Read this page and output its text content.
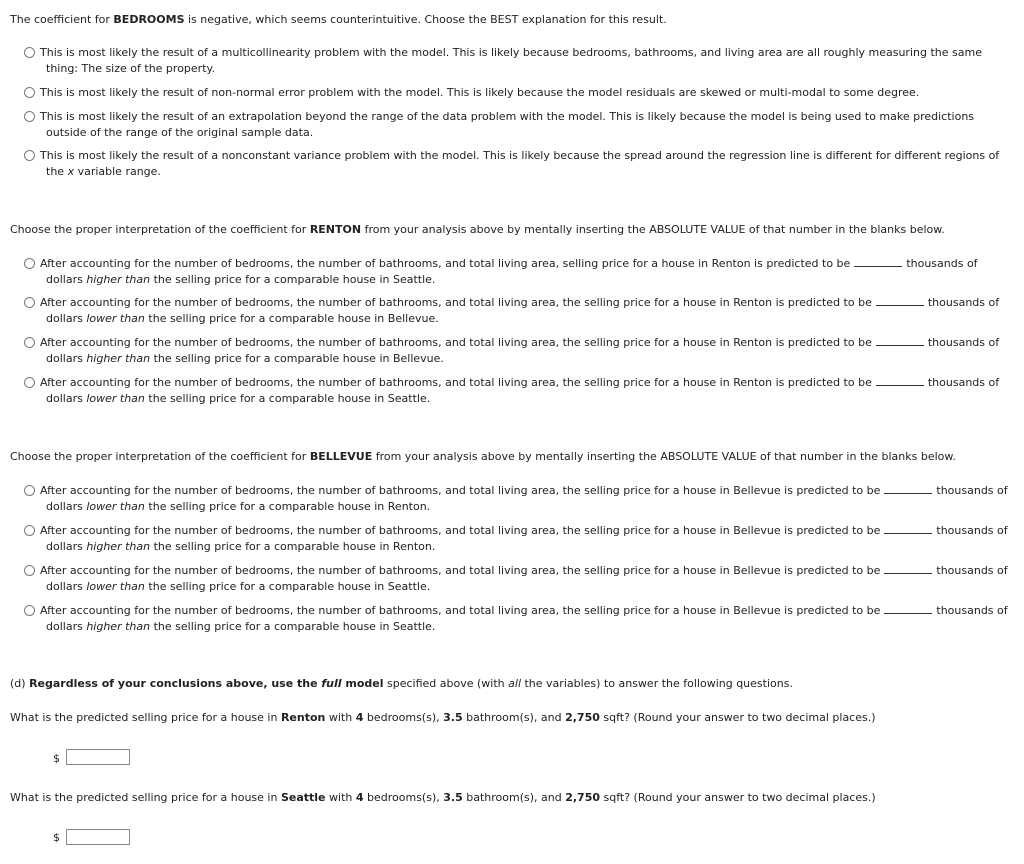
The coefficient for BEDROOMS is negative, which seems counterintuitive. Choose the BEST explanation for this result.
This is most likely the result of a multicollinearity problem with the model. This is likely because bedrooms, bathrooms, and living area are all roughly measuring the same
thing: The size of the property.
This is most likely the result of non-normal error problem with the model. This is likely because the model residuals are skewed or multi-modal to some degree.
This is most likely the result of an extrapolation beyond the range of the data problem with the model. This is likely because the model is being used to make predictions
outside of the range of the original sample data.
This is most likely the result of a nonconstant variance problem with the model. This is likely because the spread around the regression line is different for different regions of
the x variable range.
Choose the proper interpretation of the coefficient for RENTON from your analysis above by mentally inserting the ABSOLUTE VALUE of that number in the blanks below.
After accounting for the number of bedrooms, the number of bathrooms, and total living area, selling price for a house in Renton is predicted to be	thousands of
dollars higher than the selling price for a comparable house in Seattle.
After accounting for the number of bedrooms, the number of bathrooms, and total living area, the selling price for a house in Renton is predicted to be	thousands of
dollars lower than the selling price for a comparable house in Bellevue.
After accounting for the number of bedrooms, the number of bathrooms, and total living area, the selling price for a house in Renton is predicted to be	thousands of
dollars higher than the selling price for a comparable house in Bellevue.
After accounting for the number of bedrooms, the number of bathrooms, and total living area, the selling price for a house in Renton is predicted to be	thousands of
dollars lower than the selling price for a comparable house in Seattle.
Choose the proper interpretation of the coefficient for BELLEVUE from your analysis above by mentally inserting the ABSOLUTE VALUE of that number in the blanks below.
After accounting for the number of bedrooms, the number of bathrooms, and total living area, the selling price for a house in Bellevue is predicted to be	thousands of
dollars lower than the selling price for a comparable house in Renton.
After accounting for the number of bedrooms, the number of bathrooms, and total living area, the selling price for a house in Bellevue is predicted to be	thousands of
dollars higher than the selling price for a comparable house in Renton.
After accounting for the number of bedrooms, the number of bathrooms, and total living area, the selling price for a house in Bellevue is predicted to be	thousands of
dollars lower than the selling price for a comparable house in Seattle.
After accounting for the number of bedrooms, the number of bathrooms, and total living area, the selling price for a house in Bellevue is predicted to be	thousands of
dollars higher than the selling price for a comparable house in Seattle.
(d) Regardless of your conclusions above, use the full model specified above (with all the variables) to answer the following questions.
What is the predicted selling price for a house in Renton with 4 bedrooms(s), 3.5 bathroom(s), and 2,750 sqft? (Round your answer to two decimal places.)
$
What is the predicted selling price for a house in Seattle with 4 bedrooms(s), 3.5 bathroom(s), and 2,750 sqft? (Round your answer to two decimal places.)
$
